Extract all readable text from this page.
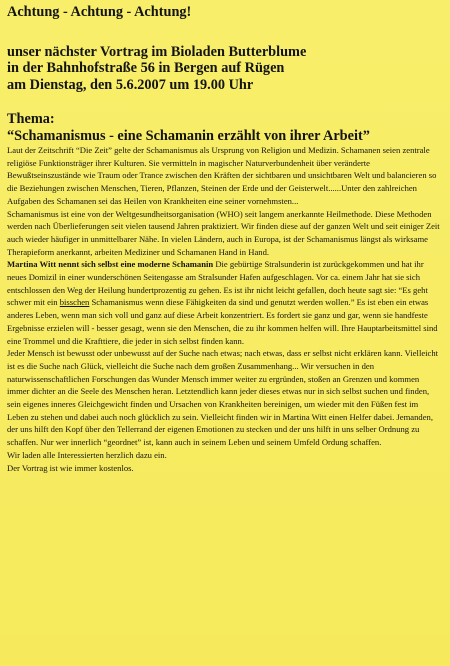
Achtung - Achtung - Achtung!
unser nächster Vortrag im Bioladen Butterblume
in der Bahnhofstraße 56 in Bergen auf Rügen
am Dienstag, den 5.6.2007 um 19.00 Uhr
Thema:
“Schamanismus - eine Schamanin erzählt von ihrer Arbeit”

Laut der Zeitschrift “Die Zeit” gelte der Schamanismus als Ursprung von Religion und Medizin. Schamanen seien zentrale religiöse Funktionsträger ihrer Kulturen. Sie vermitteln in magischer Naturverbundenheit über veränderte Bewußtseinszustände wie Traum oder Trance zwischen den Kräften der sichtbaren und unsichtbaren Welt und balancieren so die Beziehungen zwischen Menschen, Tieren, Pflanzen, Steinen der Erde und der Geisterwelt......Unter den zahlreichen Aufgaben des Schamanen sei das Heilen von Krankheiten eine seiner vornehmsten...

Schamanismus ist eine von der Weltgesundheitsorganisation (WHO) seit langem anerkannte Heilmethode. Diese Methoden werden nach Überlieferungen seit vielen tausend Jahren praktiziert. Wir finden diese auf der ganzen Welt und seit einiger Zeit auch wieder häufiger in unmittelbarer Nähe. In vielen Ländern, auch in Europa, ist der Schamanismus längst als wirksame Therapieform anerkannt, arbeiten Mediziner und Schamanen Hand in Hand.

Martina Witt nennt sich selbst eine moderne Schamanin Die gebürtige Stralsunderin ist zurückgekommen und hat ihr neues Domizil in einer wunderschönen Seitengasse am Stralsunder Hafen aufgeschlagen. Vor ca. einem Jahr hat sie sich entschlossen den Weg der Heilung hundertprozentig zu gehen. Es ist ihr nicht leicht gefallen, doch heute sagt sie: “Es geht schwer mit ein bisschen Schamanismus wenn diese Fähigkeiten da sind und genutzt werden wollen.” Es ist eben ein etwas anderes Leben, wenn man sich voll und ganz auf diese Arbeit konzentriert. Es fordert sie ganz und gar, wenn sie handfeste Ergebnisse erzielen will - besser gesagt, wenn sie den Menschen, die zu ihr kommen helfen will. Ihre Hauptarbeitsmittel sind eine Trommel und die Krafttiere, die jeder in sich selbst finden kann.

Jeder Mensch ist bewusst oder unbewusst auf der Suche nach etwas; nach etwas, dass er selbst nicht erklären kann. Vielleicht ist es die Suche nach Glück, vielleicht die Suche nach dem großen Zusammenhang... Wir versuchen in den naturwissenschaftlichen Forschungen das Wunder Mensch immer weiter zu ergründen, stoßen an Grenzen und kommen immer dichter an die Seele des Menschen heran. Letztendlich kann jeder dieses etwas nur in sich selbst suchen und finden, sein eigenes inneres Gleichgewicht finden und Ursachen von Krankheiten bereinigen, um wieder mit den Füßen fest im Leben zu stehen und dabei auch noch glücklich zu sein. Vielleicht finden wir in Martina Witt einen Helfer dabei. Jemanden, der uns hilft den Kopf über den Tellerrand der eigenen Emotionen zu stecken und der uns hilft in uns selber Ordnung zu schaffen. Nur wer innerlich “geordnet” ist, kann auch in seinem Leben und seinem Umfeld Ordung schaffen.

Wir laden alle Interessierten herzlich dazu ein.

Der Vortrag ist wie immer kostenlos.
